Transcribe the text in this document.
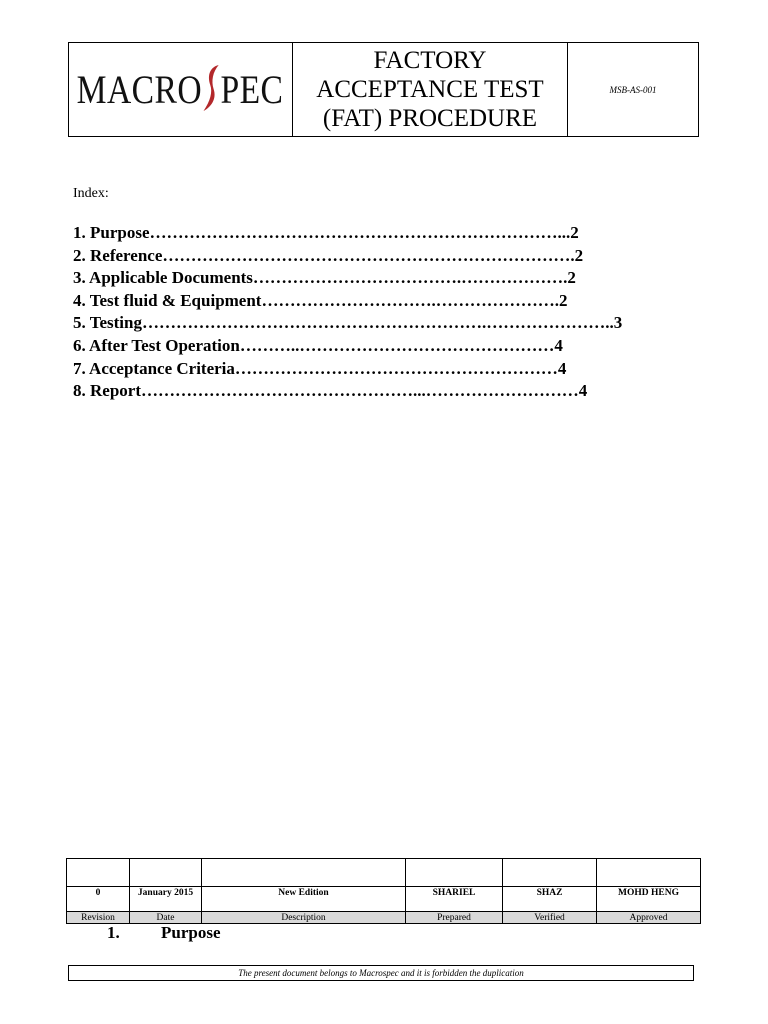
MACRO PEC
FACTORY
ACCEPTANCE TEST
(FAT) PROCEDURE
MSB-AS-001
Index:
1. Purpose………………………………………………………………...2
2. Reference……………………………………………………………….2
3. Applicable Documents……………………………….……………….2
4. Test fluid & Equipment………………………….………………….2
5. Testing…………………………………………………….…………………..3
6. After Test Operation………..………………………………………4
7. Acceptance Criteria…………………………………………………4
8. Report…………………………………………...………………………4

0	January 2015	New Edition	SHARIEL	SHAZ	MOHD HENG
Revision	Date	Description	Prepared	Verified	Approved
1. Purpose
The present document belongs to Macrospec and it is forbidden the duplication
